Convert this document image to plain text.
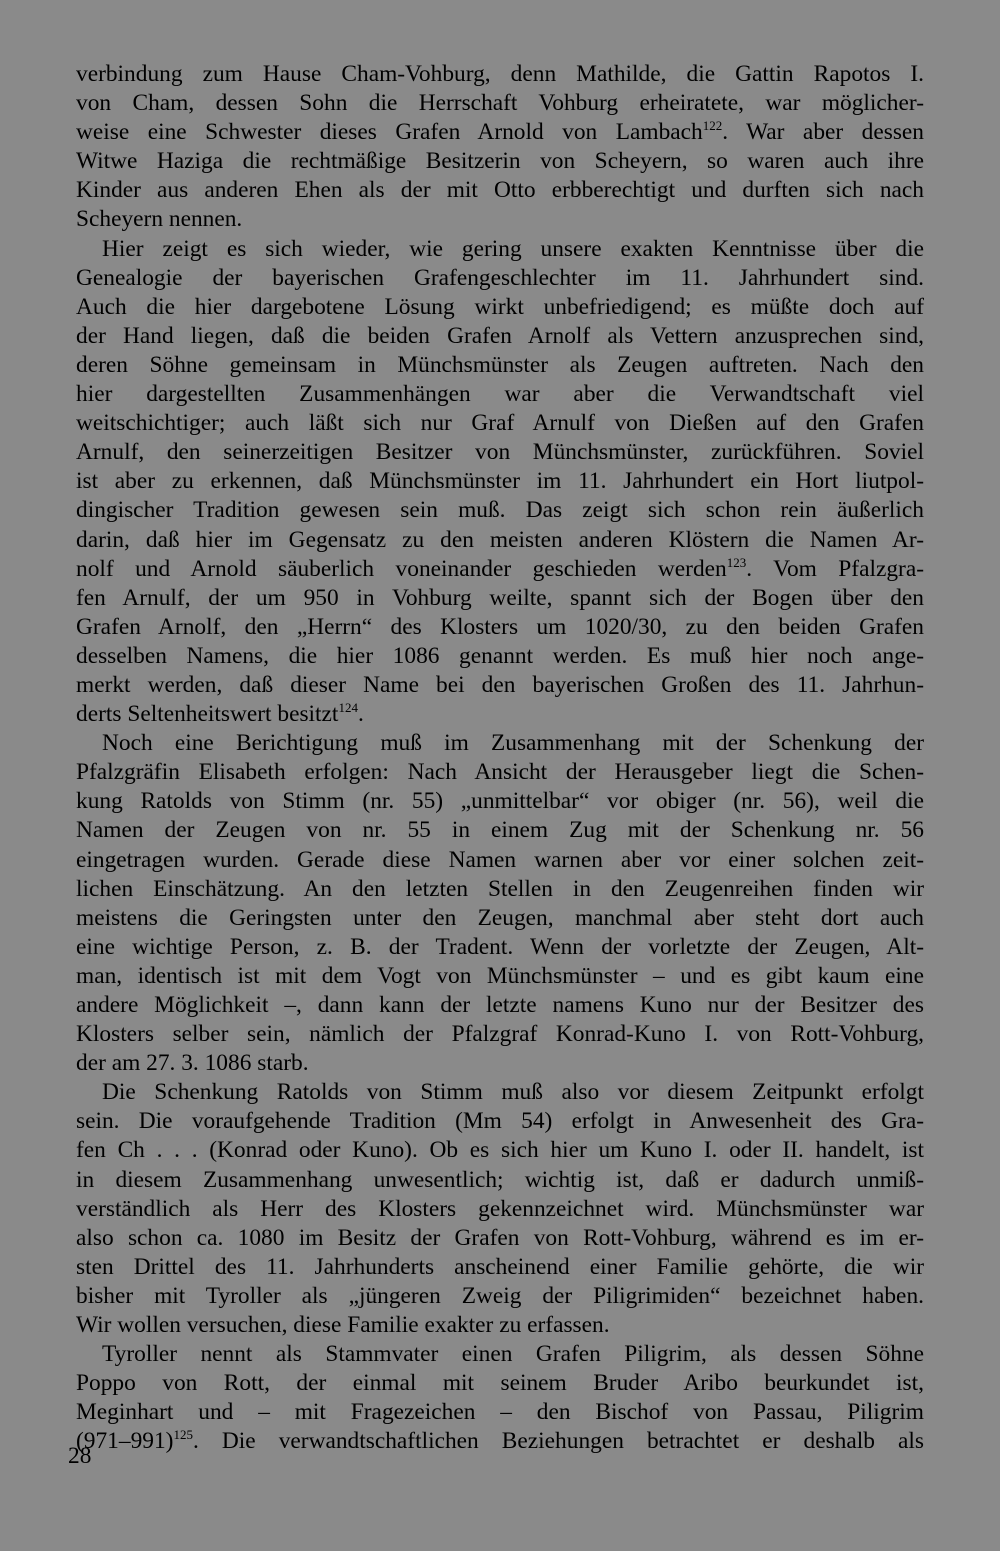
verbindung zum Hause Cham-Vohburg, denn Mathilde, die Gattin Rapotos I.
von Cham, dessen Sohn die Herrschaft Vohburg erheiratete, war möglicher-
weise eine Schwester dieses Grafen Arnold von Lambach$^{122}$. War aber dessen
Witwe Haziga die rechtmäßige Besitzerin von Scheyern, so waren auch ihre
Kinder aus anderen Ehen als der mit Otto erbberechtigt und durften sich nach
Scheyern nennen.
Hier zeigt es sich wieder, wie gering unsere exakten Kenntnisse über die
Genealogie der bayerischen Grafengeschlechter im 11. Jahrhundert sind.
Auch die hier dargebotene Lösung wirkt unbefriedigend; es müßte doch auf
der Hand liegen, daß die beiden Grafen Arnolf als Vettern anzusprechen sind,
deren Söhne gemeinsam in Münchsmünster als Zeugen auftreten. Nach den
hier dargestellten Zusammenhängen war aber die Verwandtschaft viel
weitschichtiger; auch läßt sich nur Graf Arnulf von Dießen auf den Grafen
Arnulf, den seinerzeitigen Besitzer von Münchsmünster, zurückführen. Soviel
ist aber zu erkennen, daß Münchsmünster im 11. Jahrhundert ein Hort liutpol-
dingischer Tradition gewesen sein muß. Das zeigt sich schon rein äußerlich
darin, daß hier im Gegensatz zu den meisten anderen Klöstern die Namen Ar-
nolf und Arnold säuberlich voneinander geschieden werden$^{123}$. Vom Pfalzgra-
fen Arnulf, der um 950 in Vohburg weilte, spannt sich der Bogen über den
Grafen Arnolf, den „Herrn“ des Klosters um 1020/30, zu den beiden Grafen
desselben Namens, die hier 1086 genannt werden. Es muß hier noch ange-
merkt werden, daß dieser Name bei den bayerischen Großen des 11. Jahrhun-
derts Seltenheitswert besitzt$^{124}$.
Noch eine Berichtigung muß im Zusammenhang mit der Schenkung der
Pfalzgräfin Elisabeth erfolgen: Nach Ansicht der Herausgeber liegt die Schen-
kung Ratolds von Stimm (nr. 55) „unmittelbar“ vor obiger (nr. 56), weil die
Namen der Zeugen von nr. 55 in einem Zug mit der Schenkung nr. 56
eingetragen wurden. Gerade diese Namen warnen aber vor einer solchen zeit-
lichen Einschätzung. An den letzten Stellen in den Zeugenreihen finden wir
meistens die Geringsten unter den Zeugen, manchmal aber steht dort auch
eine wichtige Person, z. B. der Tradent. Wenn der vorletzte der Zeugen, Alt-
man, identisch ist mit dem Vogt von Münchsmünster – und es gibt kaum eine
andere Möglichkeit –, dann kann der letzte namens Kuno nur der Besitzer des
Klosters selber sein, nämlich der Pfalzgraf Konrad-Kuno I. von Rott-Vohburg,
der am 27. 3. 1086 starb.
Die Schenkung Ratolds von Stimm muß also vor diesem Zeitpunkt erfolgt
sein. Die voraufgehende Tradition (Mm 54) erfolgt in Anwesenheit des Gra-
fen Ch . . . (Konrad oder Kuno). Ob es sich hier um Kuno I. oder II. handelt, ist
in diesem Zusammenhang unwesentlich; wichtig ist, daß er dadurch unmiß-
verständlich als Herr des Klosters gekennzeichnet wird. Münchsmünster war
also schon ca. 1080 im Besitz der Grafen von Rott-Vohburg, während es im er-
sten Drittel des 11. Jahrhunderts anscheinend einer Familie gehörte, die wir
bisher mit Tyroller als „jüngeren Zweig der Piligrimiden“ bezeichnet haben.
Wir wollen versuchen, diese Familie exakter zu erfassen.
Tyroller nennt als Stammvater einen Grafen Piligrim, als dessen Söhne
Poppo von Rott, der einmal mit seinem Bruder Aribo beurkundet ist,
Meginhart und – mit Fragezeichen – den Bischof von Passau, Piligrim
$(971-991)^{125}$. Die verwandtschaftlichen Beziehungen betrachtet er deshalb als
28
